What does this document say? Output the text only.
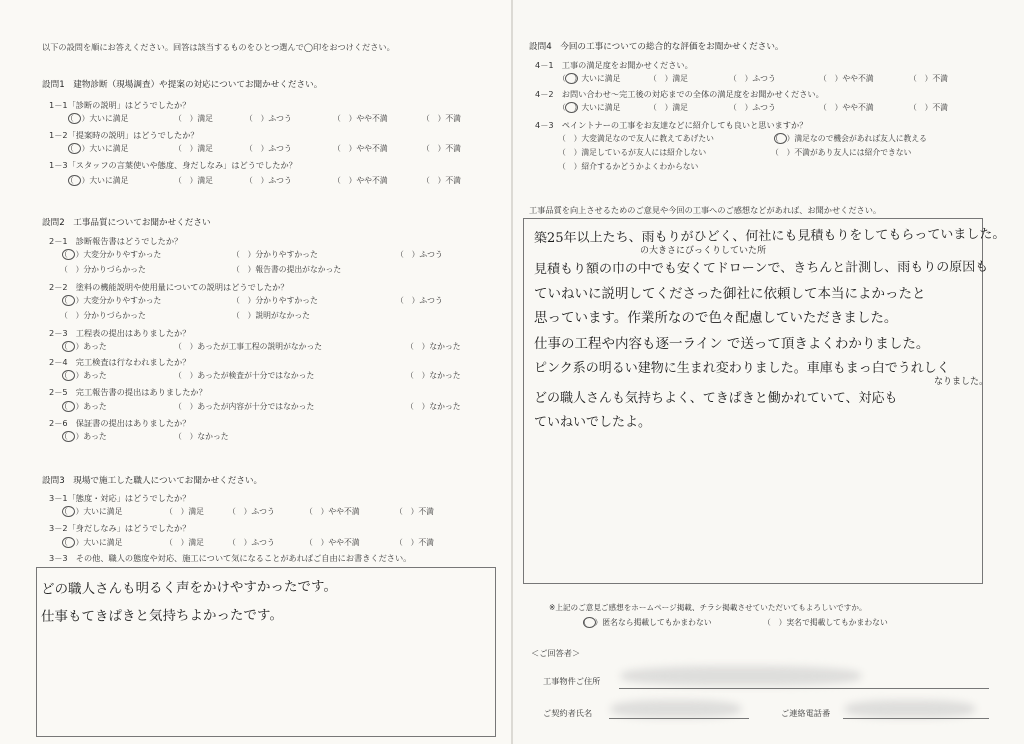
以下の設問を順にお答えください。回答は該当するものをひとつ選んで◯印をおつけください。
設問1　建物診断（現場調査）や提案の対応についてお聞かせください。
1－1「診断の説明」はどうでしたか？
（　）大いに満足	（　）満足	（　）ふつう	（　）やや不満	（　）不満
1－2「提案時の説明」はどうでしたか？
（　）大いに満足	（　）満足	（　）ふつう	（　）やや不満	（　）不満
1－3「スタッフの言葉使いや態度、身だしなみ」はどうでしたか？
（　）大いに満足	（　）満足	（　）ふつう	（　）やや不満	（　）不満
設問2　工事品質についてお聞かせください
2－1　診断報告書はどうでしたか？
（　）大変分かりやすかった	（　）分かりやすかった	（　）ふつう
（　）分かりづらかった	（　）報告書の提出がなかった
2－2　塗料の機能説明や使用量についての説明はどうでしたか？
（　）大変分かりやすかった	（　）分かりやすかった	（　）ふつう
（　）分かりづらかった	（　）説明がなかった
2－3　工程表の提出はありましたか？
（　）あった	（　）あったが工事工程の説明がなかった	（　）なかった
2－4　完工検査は行なわれましたか？
（　）あった	（　）あったが検査が十分ではなかった	（　）なかった
2－5　完工報告書の提出はありましたか？
（　）あった	（　）あったが内容が十分ではなかった	（　）なかった
2－6　保証書の提出はありましたか？
（　）あった	（　）なかった
設問3　現場で施工した職人についてお聞かせください。
3－1「態度・対応」はどうでしたか？
（　）大いに満足	（　）満足	（　）ふつう	（　）やや不満	（　）不満
3－2「身だしなみ」はどうでしたか？
（　）大いに満足	（　）満足	（　）ふつう	（　）やや不満	（　）不満
3－3　その他、職人の態度や対応、施工について気になることがあればご自由にお書きください。
どの職人さんも明るく声をかけやすかったです。
仕事もてきぱきと気持ちよかったです。
設問4　今回の工事についての総合的な評価をお聞かせください。
4－1　工事の満足度をお聞かせください。
（　）大いに満足	（　）満足	（　）ふつう	（　）やや不満	（　）不満
4－2　お問い合わせ～完工後の対応までの全体の満足度をお聞かせください。
（　）大いに満足	（　）満足	（　）ふつう	（　）やや不満	（　）不満
4－3　ペイントナーの工事をお友達などに紹介しても良いと思いますか？
（　）大変満足なので友人に教えてあげたい	（　）満足なので機会があれば友人に教える
（　）満足しているが友人には紹介しない	（　）不満があり友人には紹介できない
（　）紹介するかどうかよくわからない
工事品質を向上させるためのご意見や今回の工事へのご感想などがあれば、お聞かせください。
築25年以上たち、雨もりがひどく、何社にも見積もりをしてもらっていました。
の大きさにびっくりしていた所
見積もり額の巾の中でも安くてドローンで、きちんと計測し、雨もりの原因も
ていねいに説明してくださった御社に依頼して本当によかったと
思っています。作業所なので色々配慮していただきました。
仕事の工程や内容も逐一ライン で送って頂きよくわかりました。
ピンク系の明るい建物に生まれ変わりました。車庫もまっ白でうれしく
なりました。
どの職人さんも気持ちよく、てきぱきと働かれていて、対応も
ていねいでしたよ。
※上記のご意見ご感想をホームページ掲載、チラシ掲載させていただいてもよろしいですか。
（　）匿名なら掲載してもかまわない	（　）実名で掲載してもかまわない
＜ご回答者＞
工事物件ご住所
ご契約者氏名	ご連絡電話番
